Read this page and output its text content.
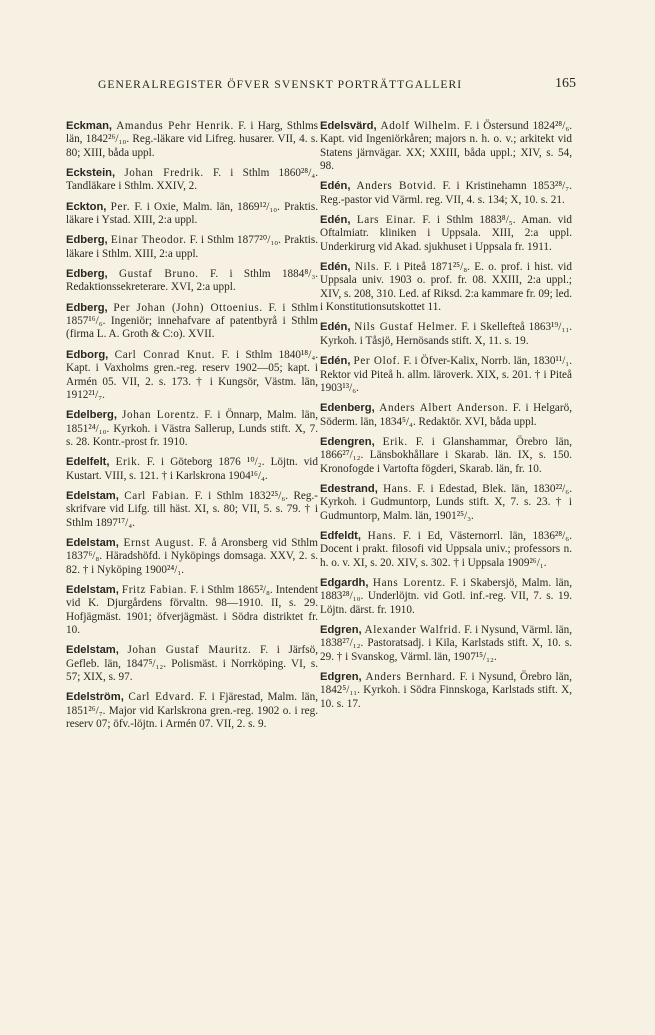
GENERALREGISTER ÖFVER SVENSKT PORTRÄTTGALLERI	165
Eckman, Amandus Pehr Henrik. F. i Harg, Sthlms län, 1842²⁶/₁₀. Reg.-läkare vid Lifreg. husarer. VII, 4. s. 80; XIII, båda uppl.
Eckstein, Johan Fredrik. F. i Sthlm 1860²⁸/₄. Tandläkare i Sthlm. XXIV, 2.
Eckton, Per. F. i Oxie, Malm. län, 1869¹²/₁₀. Praktis. läkare i Ystad. XIII, 2:a uppl.
Edberg, Einar Theodor. F. i Sthlm 1877²⁰/₁₀. Praktis. läkare i Sthlm. XIII, 2:a uppl.
Edberg, Gustaf Bruno. F. i Sthlm 1884⁸/₃. Redaktionssekreterare. XVI, 2:a uppl.
Edberg, Per Johan (John) Ottoenius. F. i Sthlm 1857¹⁶/₆. Ingeniör; innehafvare af patentbyrå i Sthlm (firma L. A. Groth & C:o). XVII.
Edborg, Carl Conrad Knut. F. i Sthlm 1840¹⁸/₄. Kapt. i Vaxholms gren.-reg. reserv 1902—05; kapt. i Armén 05. VII, 2. s. 173. † i Kungsör, Västm. län, 1912²¹/₇.
Edelberg, Johan Lorentz. F. i Önnarp, Malm. län, 1851²⁴/₁₀. Kyrkoh. i Västra Sallerup, Lunds stift. X, 7. s. 28. Kontr.-prost fr. 1910.
Edelfelt, Erik. F. i Göteborg 1876 ¹⁰/₂. Löjtn. vid Kustart. VIII, s. 121. † i Karlskrona 1904¹⁶/₄.
Edelstam, Carl Fabian. F. i Sthlm 1832²⁵/₆. Reg.-skrifvare vid Lifg. till häst. XI, s. 80; VII, 5. s. 79. † i Sthlm 1897¹⁷/₄.
Edelstam, Ernst August. F. å Aronsberg vid Sthlm 1837⁶/₈. Häradshöfd. i Nyköpings domsaga. XXV, 2. s. 82. † i Nyköping 1900²⁴/₁.
Edelstam, Fritz Fabian. F. i Sthlm 1865²/₈. Intendent vid K. Djurgårdens förvaltn. 98—1910. II, s. 29. Hofjägmäst. 1901; öfverjägmäst. i Södra distriktet fr. 10.
Edelstam, Johan Gustaf Mauritz. F. i Järfsö, Gefleb. län, 1847⁵/₁₂. Polismäst. i Norrköping. VI, s. 57; XIX, s. 97.
Edelström, Carl Edvard. F. i Fjärestad, Malm. län, 1851²⁶/₇. Major vid Karlskrona gren.-reg. 1902 o. i reg. reserv 07; öfv.-löjtn. i Armén 07. VII, 2. s. 9.
Edelsvärd, Adolf Wilhelm. F. i Östersund 1824²⁸/₆. Kapt. vid Ingeniörkåren; majors n. h. o. v.; arkitekt vid Statens järnvägar. XX; XXIII, båda uppl.; XIV, s. 54, 98.
Edén, Anders Botvid. F. i Kristinehamn 1853²⁸/₇. Reg.-pastor vid Värml. reg. VII, 4. s. 134; X, 10. s. 21.
Edén, Lars Einar. F. i Sthlm 1883⁸/₅. Aman. vid Oftalmiatr. kliniken i Uppsala. XIII, 2:a uppl. Underkirurg vid Akad. sjukhuset i Uppsala fr. 1911.
Edén, Nils. F. i Piteå 1871²⁵/₈. E. o. prof. i hist. vid Uppsala univ. 1903 o. prof. fr. 08. XXIII, 2:a uppl.; XIV, s. 208, 310. Led. af Riksd. 2:a kammare fr. 09; led. i Konstitutionsutskottet 11.
Edén, Nils Gustaf Helmer. F. i Skellefteå 1863¹⁹/₁₁. Kyrkoh. i Tåsjö, Hernösands stift. X, 11. s. 19.
Edén, Per Olof. F. i Öfver-Kalix, Norrb. län, 1830¹¹/₁. Rektor vid Piteå h. allm. läroverk. XIX, s. 201. † i Piteå 1903¹³/₆.
Edenberg, Anders Albert Anderson. F. i Helgarö, Söderm. län, 1834⁵/₄. Redaktör. XVI, båda uppl.
Edengren, Erik. F. i Glanshammar, Örebro län, 1866²⁷/₁₂. Länsbokhållare i Skarab. län. IX, s. 150. Kronofogde i Vartofta fögderi, Skarab. län, fr. 10.
Edestrand, Hans. F. i Edestad, Blek. län, 1830²²/₆. Kyrkoh. i Gudmuntorp, Lunds stift. X, 7. s. 23. † i Gudmuntorp, Malm. län, 1901²⁵/₃.
Edfeldt, Hans. F. i Ed, Västernorrl. län, 1836²⁸/₆. Docent i prakt. filosofi vid Uppsala univ.; professors n. h. o. v. XI, s. 20. XIV, s. 302. † i Uppsala 1909²⁶/₁.
Edgardh, Hans Lorentz. F. i Skabersjö, Malm. län, 1883²⁸/₁₀. Underlöjtn. vid Gotl. inf.-reg. VII, 7. s. 19. Löjtn. därst. fr. 1910.
Edgren, Alexander Walfrid. F. i Nysund, Värml. län, 1838²⁷/₁₂. Pastoratsadj. i Kila, Karlstads stift. X, 10. s. 29. † i Svanskog, Värml. län, 1907¹⁵/₁₂.
Edgren, Anders Bernhard. F. i Nysund, Örebro län, 1842⁵/₁₁. Kyrkoh. i Södra Finnskoga, Karlstads stift. X, 10. s. 17.
